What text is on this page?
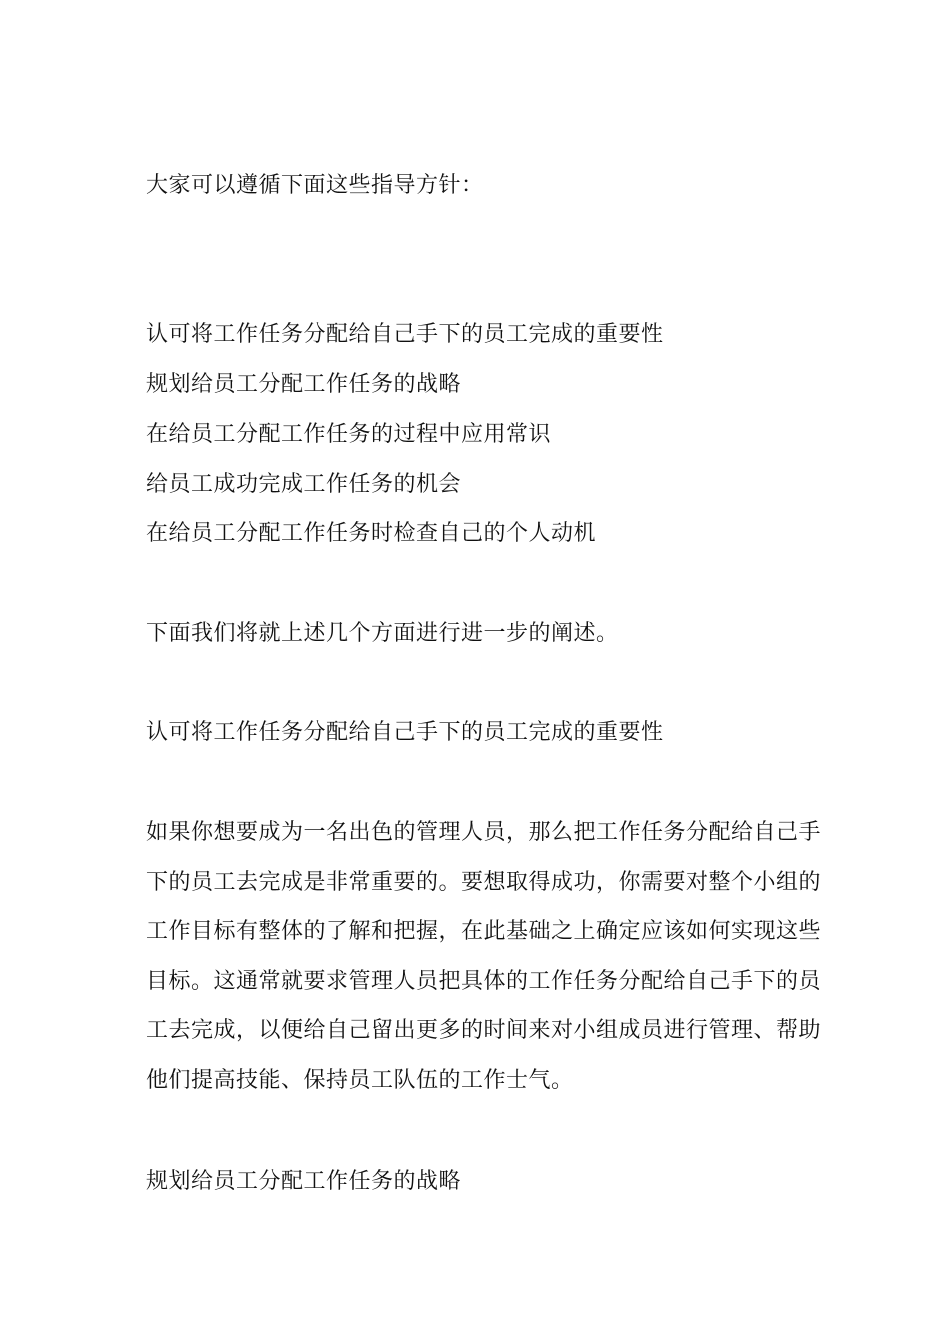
大家可以遵循下面这些指导方针：
认可将工作任务分配给自己手下的员工完成的重要性
规划给员工分配工作任务的战略
在给员工分配工作任务的过程中应用常识
给员工成功完成工作任务的机会
在给员工分配工作任务时检查自己的个人动机
下面我们将就上述几个方面进行进一步的阐述。
认可将工作任务分配给自己手下的员工完成的重要性
如果你想要成为一名出色的管理人员，那么把工作任务分配给自己手
下的员工去完成是非常重要的。要想取得成功，你需要对整个小组的
工作目标有整体的了解和把握，在此基础之上确定应该如何实现这些
目标。这通常就要求管理人员把具体的工作任务分配给自己手下的员
工去完成，以便给自己留出更多的时间来对小组成员进行管理、帮助
他们提高技能、保持员工队伍的工作士气。
规划给员工分配工作任务的战略
